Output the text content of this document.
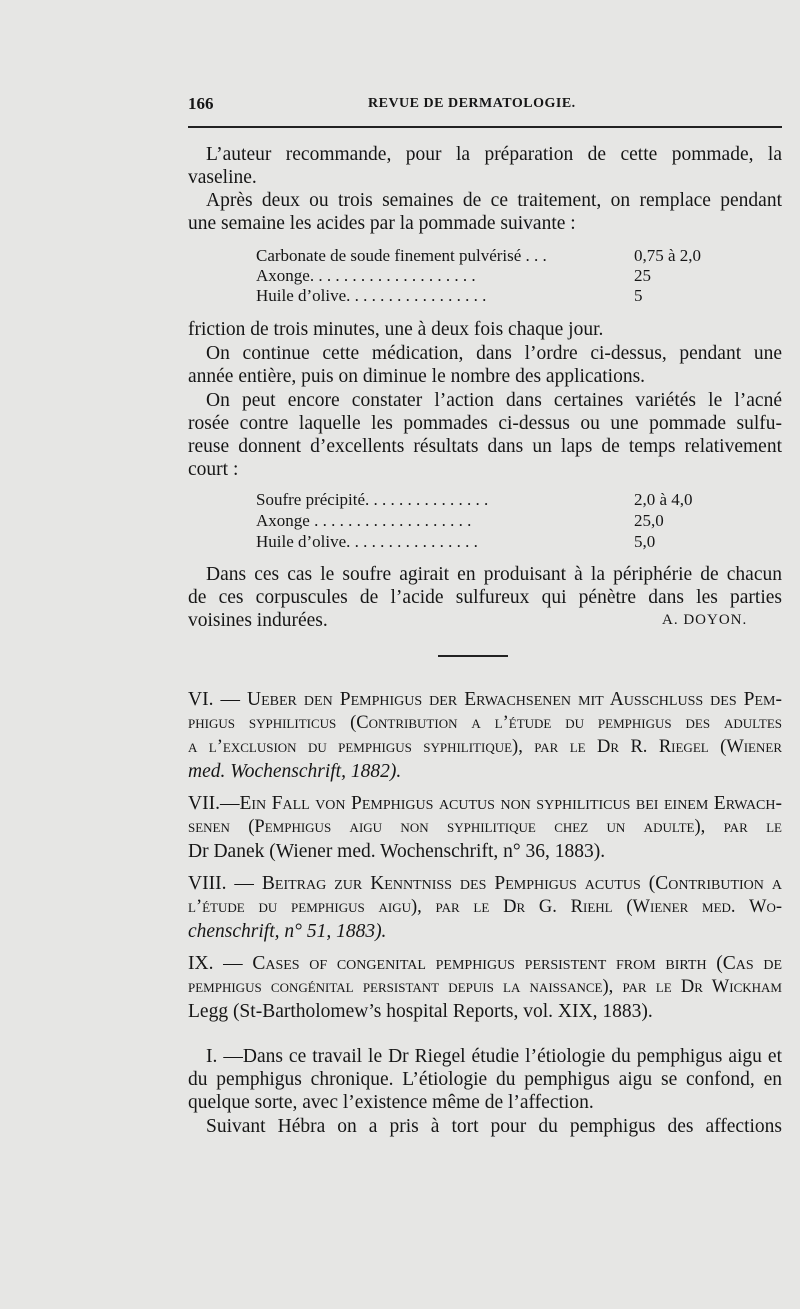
166	REVUE DE DERMATOLOGIE.
L’auteur recommande, pour la préparation de cette pommade, la
vaseline.
Après deux ou trois semaines de ce traitement, on remplace pendant
une semaine les acides par la pommade suivante :
Carbonate de soude finement pulvérisé . . .	0,75 à 2,0
Axonge. . . . . . . . . . . . . . . . . . . .	25
Huile d’olive. . . . . . . . . . . . . . . . .	5
friction de trois minutes, une à deux fois chaque jour.
On continue cette médication, dans l’ordre ci-dessus, pendant une
année entière, puis on diminue le nombre des applications.
On peut encore constater l’action dans certaines variétés le l’acné
rosée contre laquelle les pommades ci-dessus ou une pommade sulfu-
reuse donnent d’excellents résultats dans un laps de temps relativement
court :
Soufre précipité. . . . . . . . . . . . . . .	2,0 à 4,0
Axonge . . . . . . . . . . . . . . . . . . .	25,0
Huile d’olive. . . . . . . . . . . . . . . .	5,0
Dans ces cas le soufre agirait en produisant à la périphérie de chacun
de ces corpuscules de l’acide sulfureux qui pénètre dans les parties
voisines indurées.	A. DOYON.
VI. — Ueber den Pemphigus der Erwachsenen mit Ausschluss des Pem-
phigus syphiliticus (Contribution a l’étude du pemphigus des adultes
a l’exclusion du pemphigus syphilitique), par le Dr R. Riegel (Wiener
med. Wochenschrift, 1882).
VII.—Ein Fall von Pemphigus acutus non syphiliticus bei einem Erwach-
senen (Pemphigus aigu non syphilitique chez un adulte), par le
Dr Danek (Wiener med. Wochenschrift, n° 36, 1883).
VIII. — Beitrag zur Kenntniss des Pemphigus acutus (Contribution a
l’étude du pemphigus aigu), par le Dr G. Riehl (Wiener med. Wo-
chenschrift, n° 51, 1883).
IX. — Cases of congenital pemphigus persistent from birth (Cas de
pemphigus congénital persistant depuis la naissance), par le Dr Wickham
Legg (St-Bartholomew’s hospital Reports, vol. XIX, 1883).
I. —Dans ce travail le Dr Riegel étudie l’étiologie du pemphigus aigu et
du pemphigus chronique. L’étiologie du pemphigus aigu se confond, en
quelque sorte, avec l’existence même de l’affection.
Suivant Hébra on a pris à tort pour du pemphigus des affections
